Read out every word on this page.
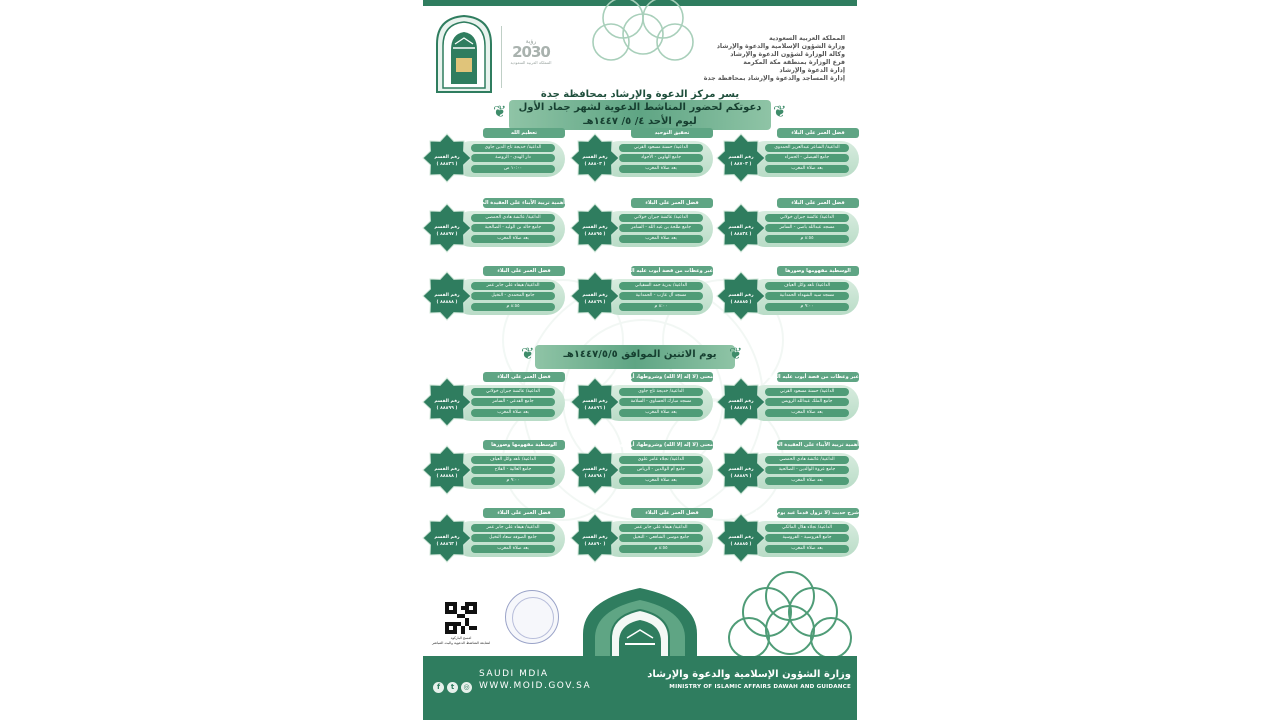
رؤية
2030
المملكة العربية السعودية
المملكة العربية السعودية
وزارة الشؤون الإسلامية والدعوة والإرشاد
وكالة الوزارة لشؤون الدعوة والإرشاد
فرع الوزارة بمنطقة مكة المكرمة
إدارة الدعوة والإرشاد
إدارة المساجد والدعوة والإرشاد بمحافظة جدة
يسر مركز الدعوة والإرشاد بمحافظة جدة
دعوتكم لحضور المناشط الدعوية لشهر جماد الأول
ليوم الأحد ٤/ ٥/ ١٤٤٧هـ
❦	❦
يوم الاثنين الموافق ١٤٤٧/٥/٥هـ
❦	❦
امسح الباركود
لمتابعة المناشط الدعوية والبث المباشر
f t ◎
SAUDI MDIA
WWW.MOID.GOV.SA
وزارة الشؤون الإسلامية والدعوة والإرشاد
MINISTRY OF ISLAMIC AFFAIRS DAWAH AND GUIDANCE
فضل العمر على البلاء
الداعية/ الشاعر عبدالعزيز الحمدوي
جامع الفيصلي - الحمراء
بعد صلاة المغرب
رقم القسم
( ٨٨٧٠٣ )
تحقيق التوحيد
الداعية/ حسنة مسعود القرني
جامع الهاوين - الأجواد
بعد صلاة المغرب
رقم القسم
( ٨٨٨٠٣ )
تعظيم الله
الداعية/ خديجة تاج الدين جاوي
دار الهدى - الروضة
١٠:٠٠ ص
رقم القسم
( ٨٨٨٣٦ )
فضل العمر على البلاء
الداعية/ عائشة جبران خولاني
مسجد عبدالله باصي - السامر
٨:٥٥ م
رقم القسم
( ٨٨٨٣٤ )
فضل العمر على البلاء
الداعية/ عائشة جبران خولاني
جامع طلحة بن عبد الله - السامر
بعد صلاة المغرب
رقم القسم
( ٨٨٨٩٥ )
أهمية تربية الأبناء على العقيدة الصحيحة
الداعية/ عائشة هادي الحمصي
جامع خالد بن الوليد - الصالحية
بعد صلاة المغرب
رقم القسم
( ٨٨٨٩٧ )
الوسطية مفهومها وصورها
الداعية/ ناهد وائل العياف
مسجد سيد الشهداء الحمدانية
٩:٠٠ م
رقم القسم
( ٨٨٨٨٥ )
عبر وعظات من قصة أيوب عليه السلام
الداعية/ بدرية حمد السفياني
مسجد آل عازب - الحمدانية
٨:٠٠ م
رقم القسم
( ٨٨٨٦٩ )
فضل العمر على البلاء
الداعية/ هيفاء علي جابر عمر
جامع المحمدي - النخيل
٨:٥٥ م
رقم القسم
( ٨٨٨٨٨ )
عبر وعظات من قصة أيوب عليه السلام
الداعية/ حسنة مسعود القرني
جامع الملك عبدالله الرويس
بعد صلاة المغرب
رقم القسم
( ٨٨٨٧٨ )
معنى (لا إله إلا الله) وشروطها، أركانها
الداعية/ خديجة تاج جاوي
مسجد مبارك الحساوي - السلامة
بعد صلاة المغرب
رقم القسم
( ٨٨٨٩٦ )
فضل العمر على البلاء
الداعية/ عائشة جبران خولاني
جامع الفدعي - السامر
بعد صلاة المغرب
رقم القسم
( ٨٨٨٩٩ )
أهمية تربية الأبناء على العقيدة الصحيحة
الداعية/ عائشة هادي الحمصي
جامع عروة الوالدين - الصالحية
بعد صلاة المغرب
رقم القسم
( ٨٨٨٨٩ )
معنى (لا إله إلا الله) وشروطها، أركانها
الداعية/ نجلاء عامر علوي
جامع أم الوالدين - الرياض
بعد صلاة المغرب
رقم القسم
( ٨٨٨٩٨ )
الوسطية مفهومها وصورها
الداعية/ ناهد وائل العياف
جامع العالية - الفلاح
٩:٠٠ م
رقم القسم
( ٨٨٨٨٨ )
شرح حديث (لا تزول قدما عبد يوم القيامة)
الداعية/ نجلاء هلال المالكي
جامع الفروسية - الفروسية
بعد صلاة المغرب
رقم القسم
( ٨٨٨٨٥ )
فضل العمر على البلاء
الداعية/ هيفاء علي جابر عمر
جامع موسى الشافعي - النخيل
٨:٥٥ م
رقم القسم
( ٨٨٨٩٠ )
فضل العمر على البلاء
الداعية/ هيفاء علي جابر عمر
جامع الصوفه سعاد النخيل
بعد صلاة المغرب
رقم القسم
( ٨٨٨٦٣ )
